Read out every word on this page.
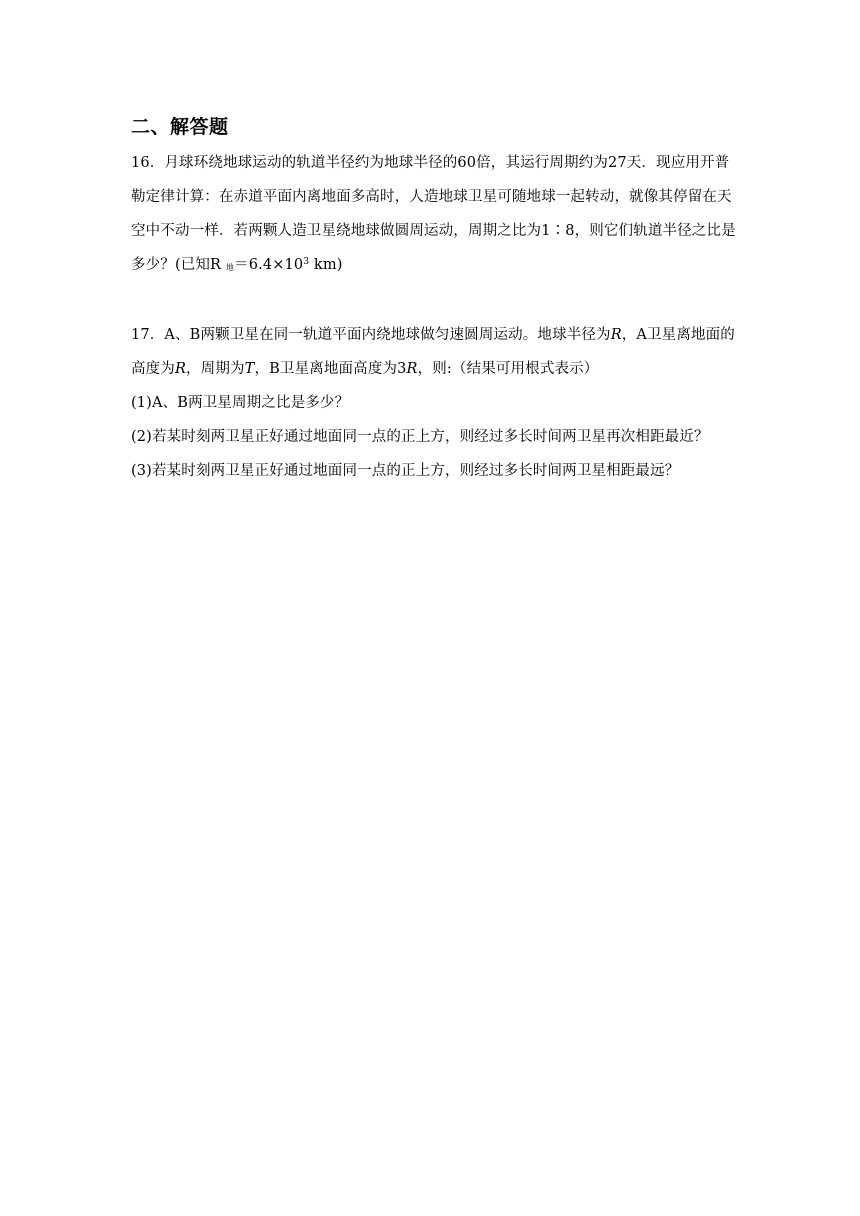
二、解答题

16．月球环绕地球运动的轨道半径约为地球半径的60倍，其运行周期约为27天．现应用开普勒定律计算：在赤道平面内离地面多高时，人造地球卫星可随地球一起转动，就像其停留在天空中不动一样．若两颗人造卫星绕地球做圆周运动，周期之比为1∶8，则它们轨道半径之比是多少？(已知R 地$=6.4\times 10^3$ km)

17．A、B两颗卫星在同一轨道平面内绕地球做匀速圆周运动。地球半径为R，A卫星离地面的高度为R，周期为T，B卫星离地面高度为3R，则:（结果可用根式表示）
(1)A、B两卫星周期之比是多少？
(2)若某时刻两卫星正好通过地面同一点的正上方，则经过多长时间两卫星再次相距最近？
(3)若某时刻两卫星正好通过地面同一点的正上方，则经过多长时间两卫星相距最远？
